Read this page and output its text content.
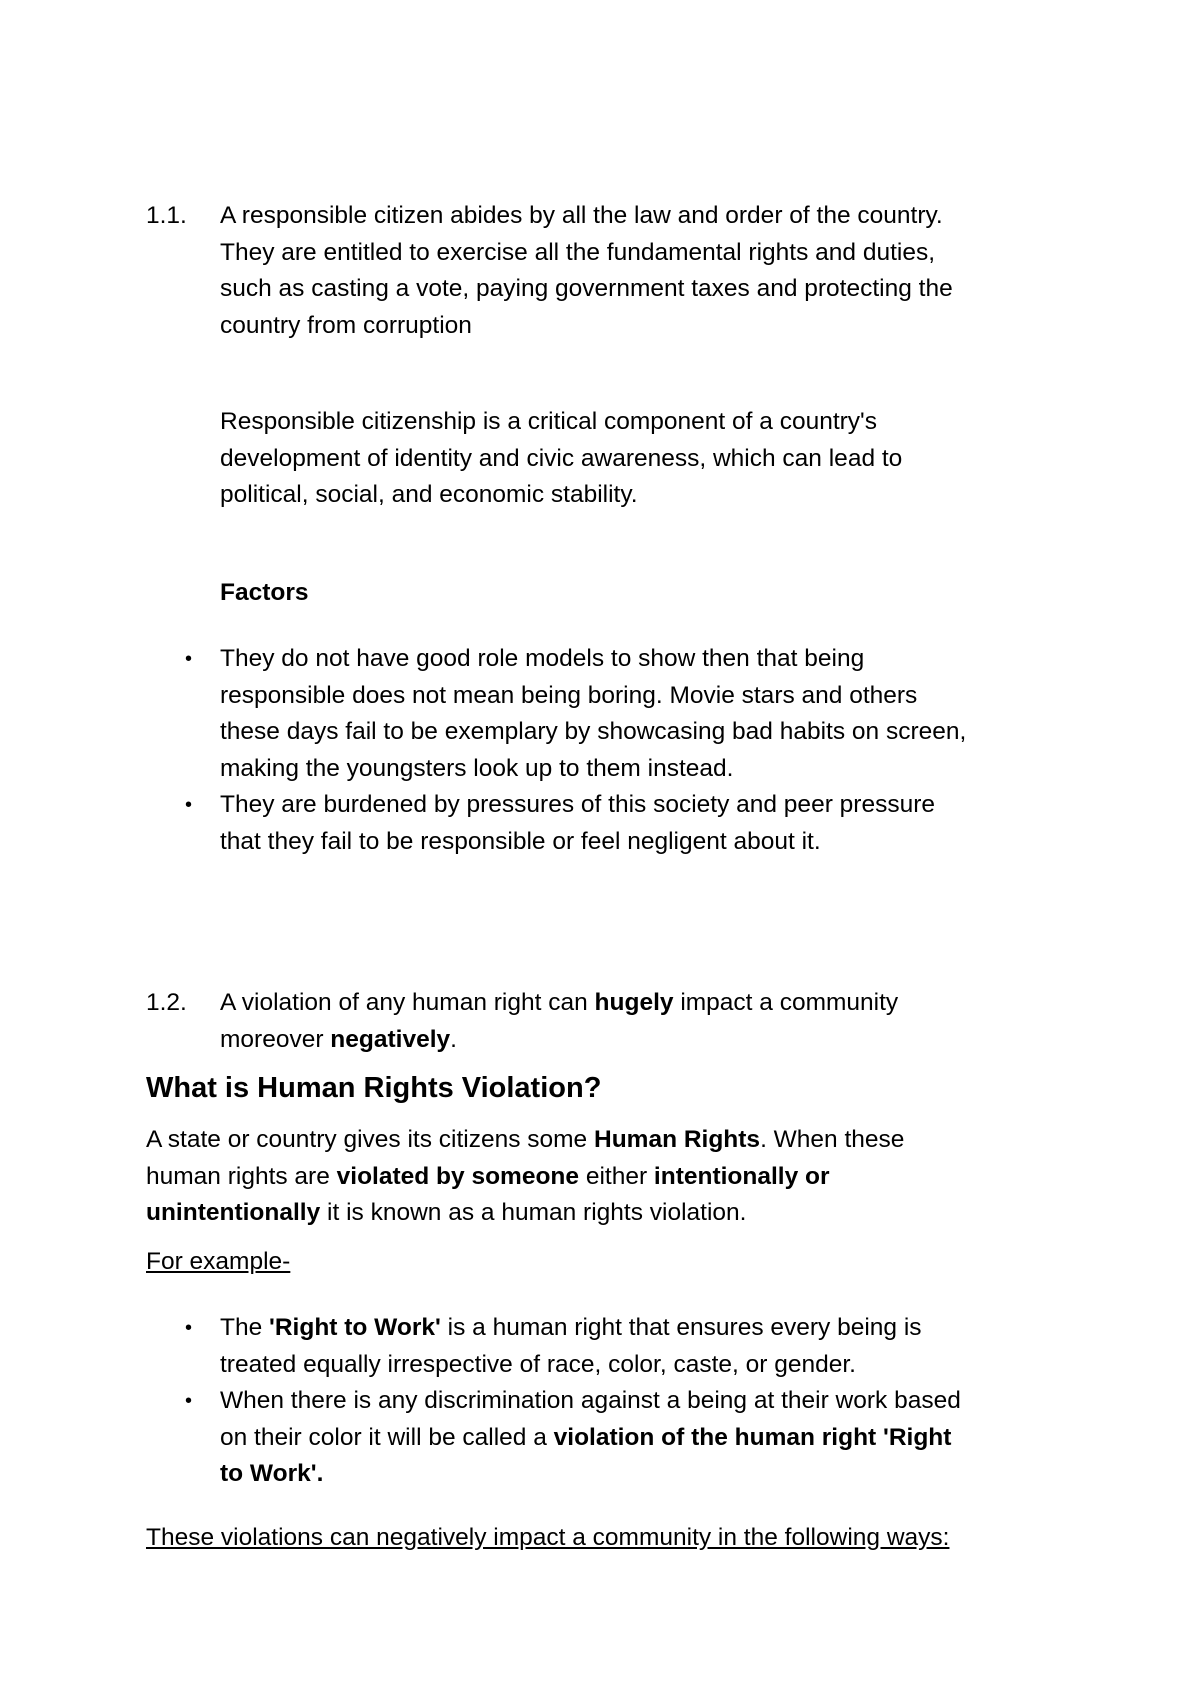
1.1. A responsible citizen abides by all the law and order of the country.
They are entitled to exercise all the fundamental rights and duties,
such as casting a vote, paying government taxes and protecting the
country from corruption
Responsible citizenship is a critical component of a country's
development of identity and civic awareness, which can lead to
political, social, and economic stability.
Factors
• They do not have good role models to show then that being
responsible does not mean being boring. Movie stars and others
these days fail to be exemplary by showcasing bad habits on screen,
making the youngsters look up to them instead.
• They are burdened by pressures of this society and peer pressure
that they fail to be responsible or feel negligent about it.
1.2. A violation of any human right can hugely impact a community
moreover negatively.
What is Human Rights Violation?
A state or country gives its citizens some Human Rights. When these
human rights are violated by someone either intentionally or
unintentionally it is known as a human rights violation.
For example-
• The 'Right to Work' is a human right that ensures every being is
treated equally irrespective of race, color, caste, or gender.
• When there is any discrimination against a being at their work based
on their color it will be called a violation of the human right 'Right
to Work'.
These violations can negatively impact a community in the following ways:
